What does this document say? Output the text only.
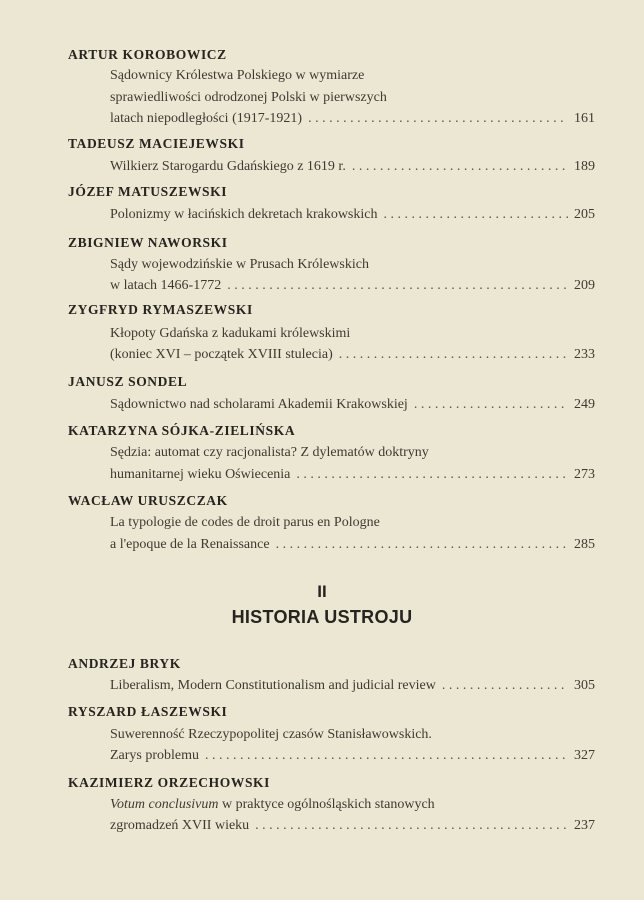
ARTUR KOROBOWICZ
Sądownicy Królestwa Polskiego w wymiarze
sprawiedliwości odrodzonej Polski w pierwszych
latach niepodległości (1917-1921) . . .	161
TADEUSZ MACIEJEWSKI
Wilkierz Starogardu Gdańskiego z 1619 r. . . .	189
JÓZEF MATUSZEWSKI
Polonizmy w łacińskich dekretach krakowskich . . .	205
ZBIGNIEW NAWORSKI
Sądy wojewodzińskie w Prusach Królewskich
w latach 1466-1772 . . .	209
ZYGFRYD RYMASZEWSKI
Kłopoty Gdańska z kadukami królewskimi
(koniec XVI – początek XVIII stulecia) . . .	233
JANUSZ SONDEL
Sądownictwo nad scholarami Akademii Krakowskiej . . .	249
KATARZYNA SÓJKA-ZIELIŃSKA
Sędzia: automat czy racjonalista? Z dylematów doktryny
humanitarnej wieku Oświecenia . . .	273
WACŁAW URUSZCZAK
La typologie de codes de droit parus en Pologne
a l'epoque de la Renaissance . . .	285
II
HISTORIA USTROJU
ANDRZEJ BRYK
Liberalism, Modern Constitutionalism and judicial review . . .	305
RYSZARD ŁASZEWSKI
Suwerenność Rzeczypopolitej czasów Stanisławowskich.
Zarys problemu . . .	327
KAZIMIERZ ORZECHOWSKI
Votum conclusivum w praktyce ogólnośląskich stanowych
zgromadzeń XVII wieku . . .	237
